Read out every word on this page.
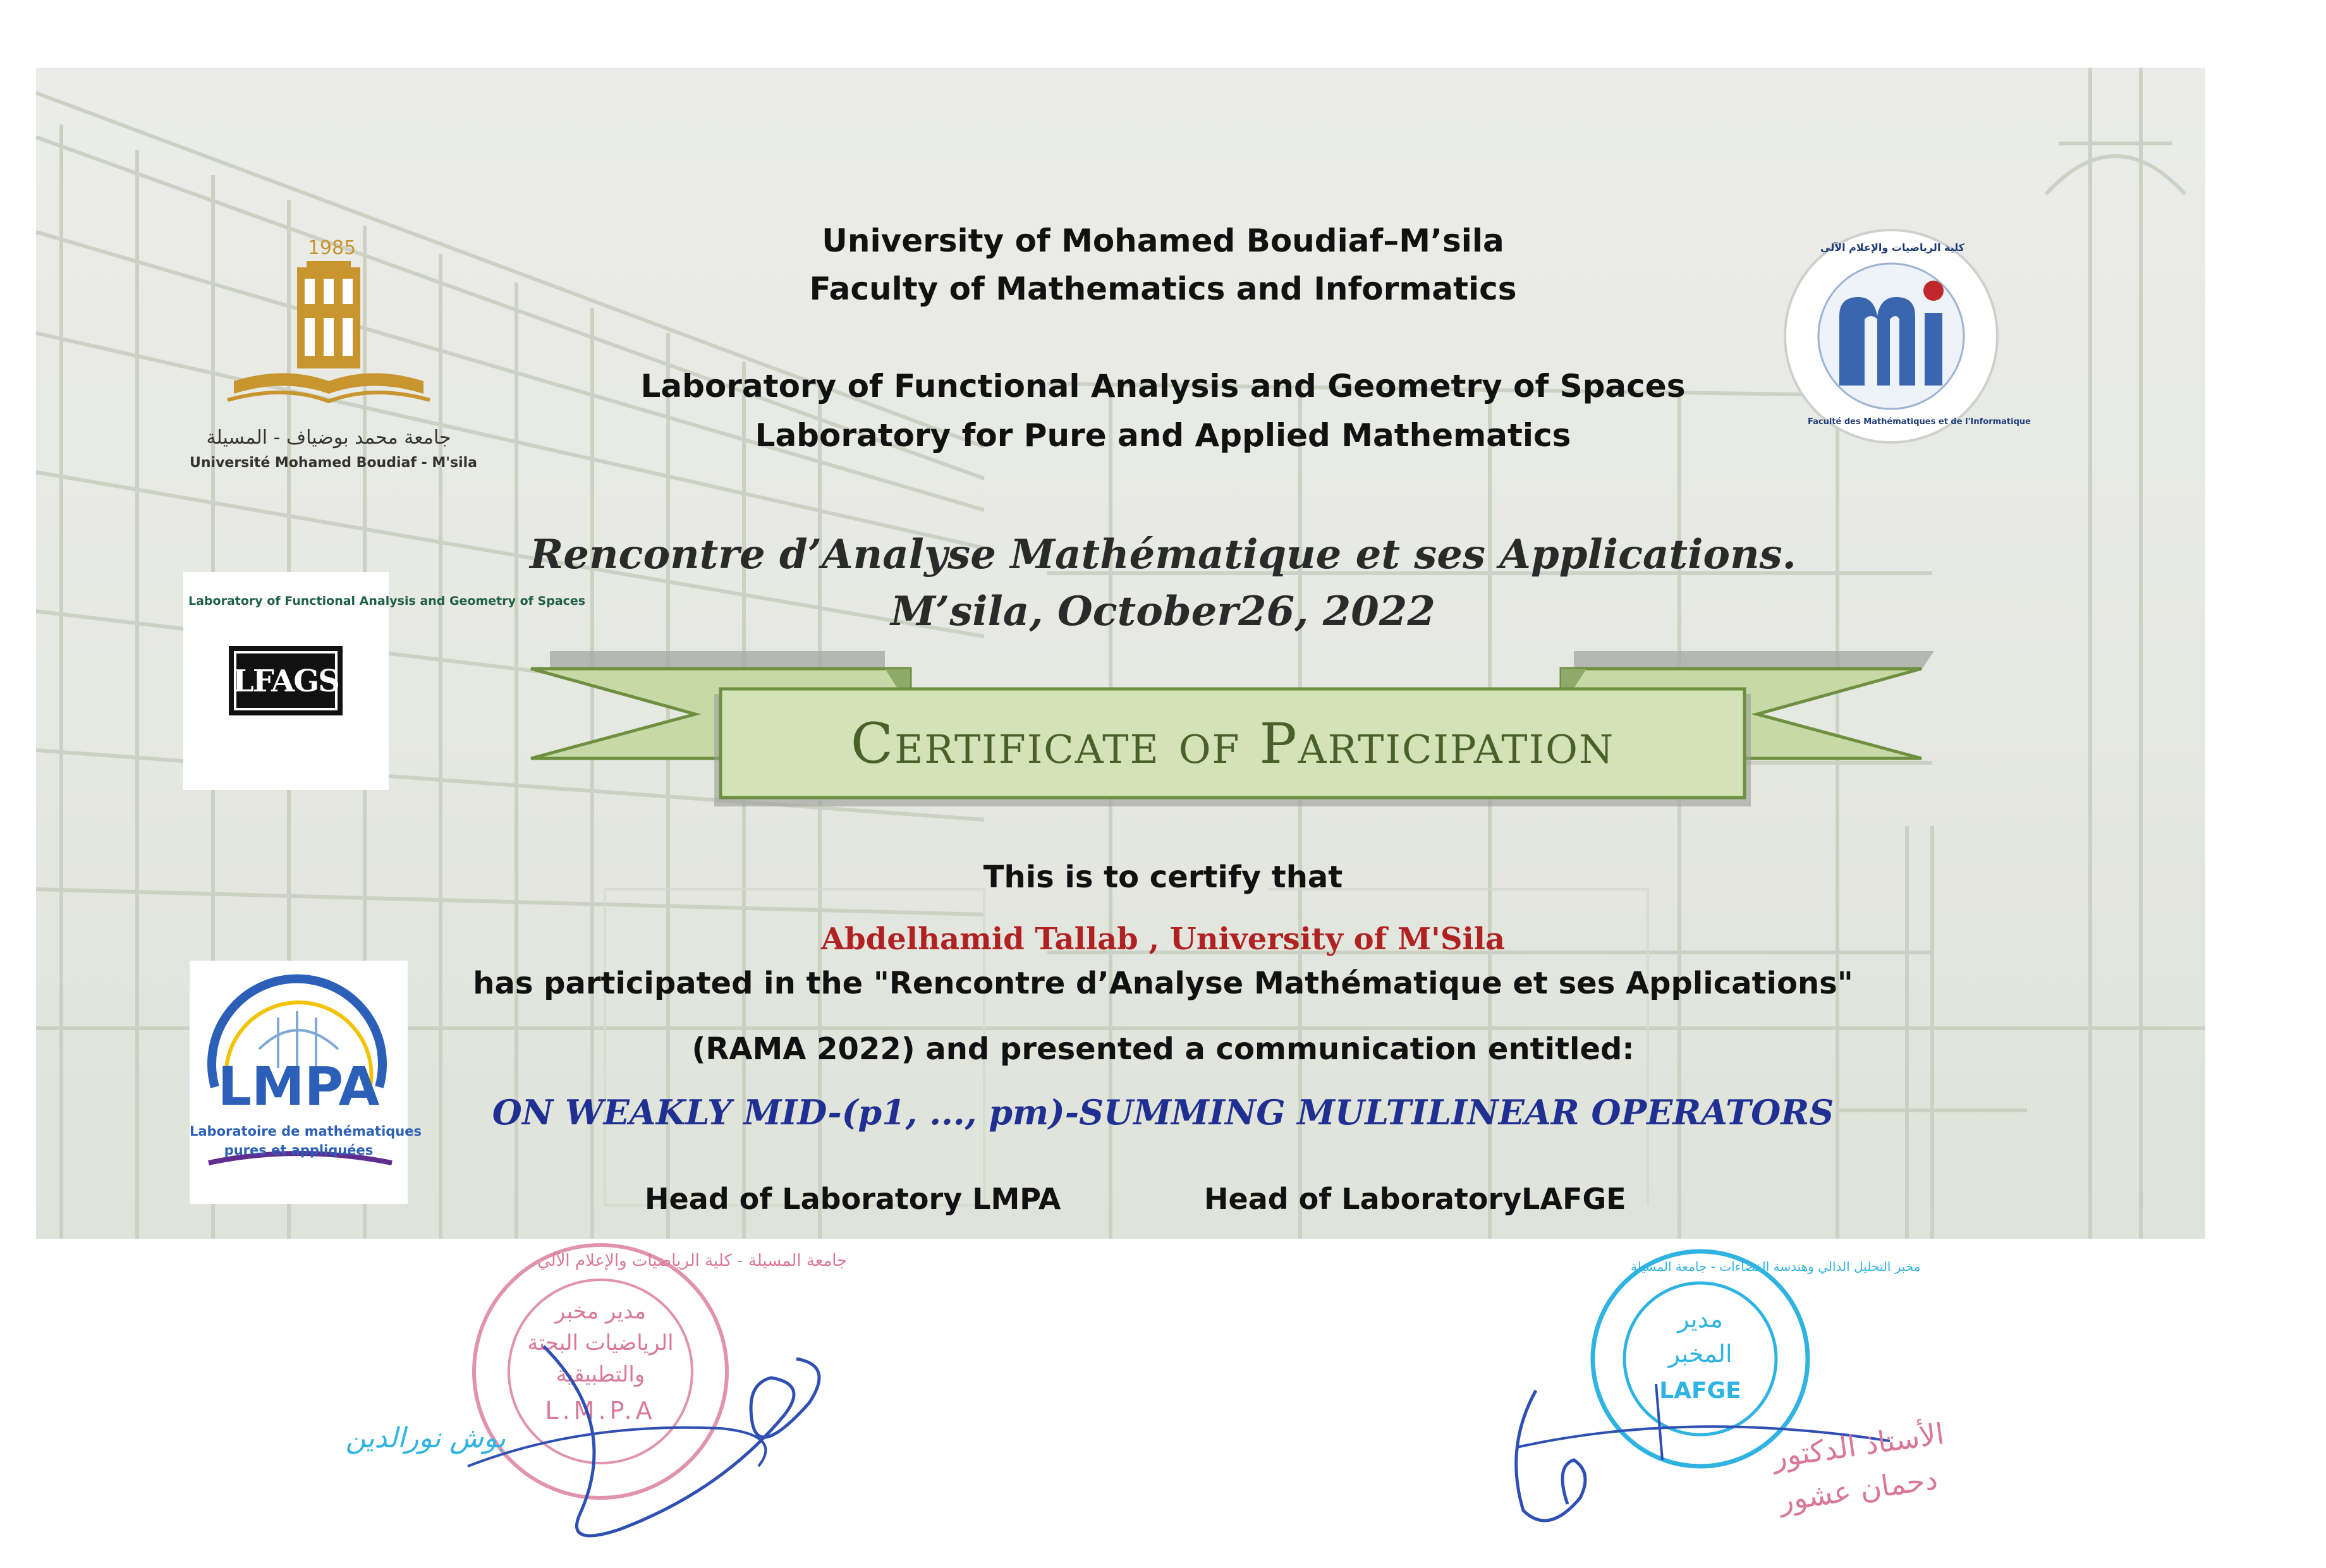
University of Mohamed Boudiaf–M’sila
Faculty of Mathematics and Informatics
Laboratory of Functional Analysis and Geometry of Spaces
Laboratory for Pure and Applied Mathematics
Rencontre d’Analyse Mathématique et ses Applications.
M’sila, October26, 2022
Certificate of Participation
This is to certify that
Abdelhamid Tallab , University of M'Sila
has participated in the "Rencontre d’Analyse Mathématique et ses Applications"
(RAMA 2022) and presented a communication entitled:
ON WEAKLY MID-(p1, ..., pm)-SUMMING MULTILINEAR OPERATORS
Head of Laboratory LMPA	Head of LaboratoryLAFGE
1985
جامعة محمد بوضياف - المسيلة
Université Mohamed Boudiaf - M'sila
Faculté des Mathématiques et de l'Informatique
كلية الرياضيات والإعلام الآلي
LFAGS
Laboratory of Functional Analysis and Geometry of Spaces
LMPA
Laboratoire de mathématiques
pures et appliquées
جامعة المسيلة - كلية الرياضيات والإعلام الآلي
مدير مخبر
الرياضيات البحتة
والتطبيقية
L.M.P.A
بوش نورالدين
مخبر التحليل الدالي وهندسة الفضاءات - جامعة المسيلة
مدير
المخبر
LAFGE
الأستاذ الدكتور
دحمان عشور
